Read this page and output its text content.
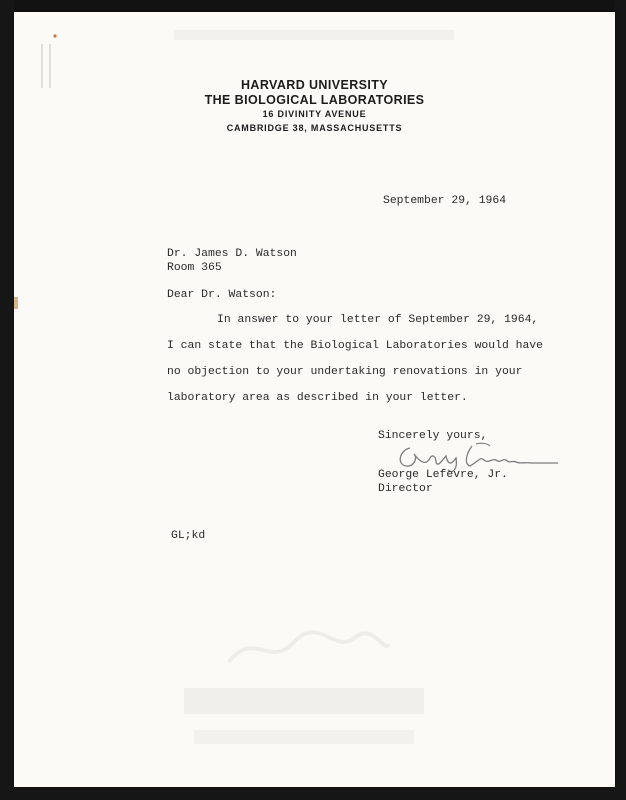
HARVARD UNIVERSITY
THE BIOLOGICAL LABORATORIES
16 DIVINITY AVENUE
CAMBRIDGE 38, MASSACHUSETTS
September 29, 1964
Dr. James D. Watson
Room 365
Dear Dr. Watson:
In answer to your letter of September 29, 1964,
I can state that the Biological Laboratories would have
no objection to your undertaking renovations in your
laboratory area as described in your letter.
Sincerely yours,
George Lefevre, Jr.
Director
GL;kd
